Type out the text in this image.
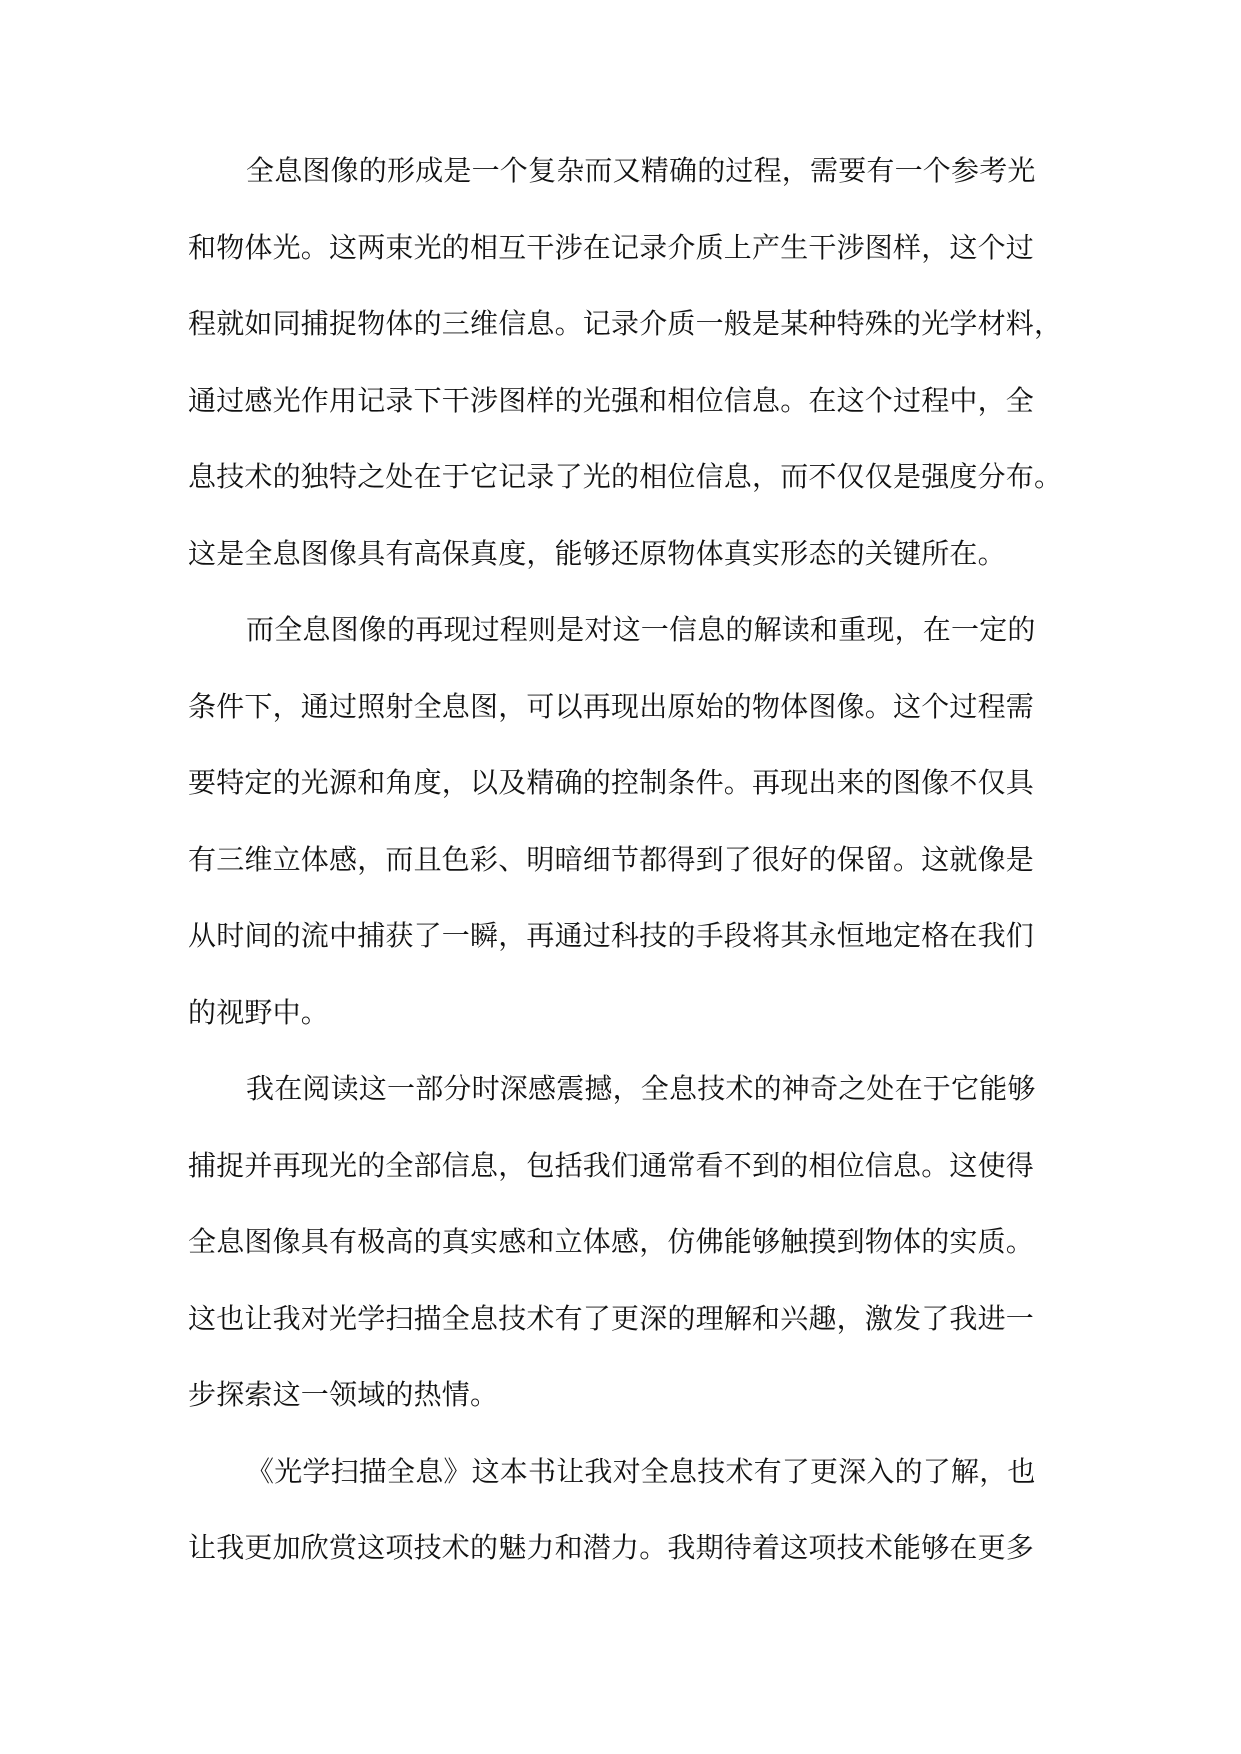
全息图像的形成是一个复杂而又精确的过程，需要有一个参考光
和物体光。这两束光的相互干涉在记录介质上产生干涉图样，这个过
程就如同捕捉物体的三维信息。记录介质一般是某种特殊的光学材料，
通过感光作用记录下干涉图样的光强和相位信息。在这个过程中，全
息技术的独特之处在于它记录了光的相位信息，而不仅仅是强度分布。
这是全息图像具有高保真度，能够还原物体真实形态的关键所在。
而全息图像的再现过程则是对这一信息的解读和重现，在一定的
条件下，通过照射全息图，可以再现出原始的物体图像。这个过程需
要特定的光源和角度，以及精确的控制条件。再现出来的图像不仅具
有三维立体感，而且色彩、明暗细节都得到了很好的保留。这就像是
从时间的流中捕获了一瞬，再通过科技的手段将其永恒地定格在我们
的视野中。
我在阅读这一部分时深感震撼，全息技术的神奇之处在于它能够
捕捉并再现光的全部信息，包括我们通常看不到的相位信息。这使得
全息图像具有极高的真实感和立体感，仿佛能够触摸到物体的实质。
这也让我对光学扫描全息技术有了更深的理解和兴趣，激发了我进一
步探索这一领域的热情。
《光学扫描全息》这本书让我对全息技术有了更深入的了解，也
让我更加欣赏这项技术的魅力和潜力。我期待着这项技术能够在更多
